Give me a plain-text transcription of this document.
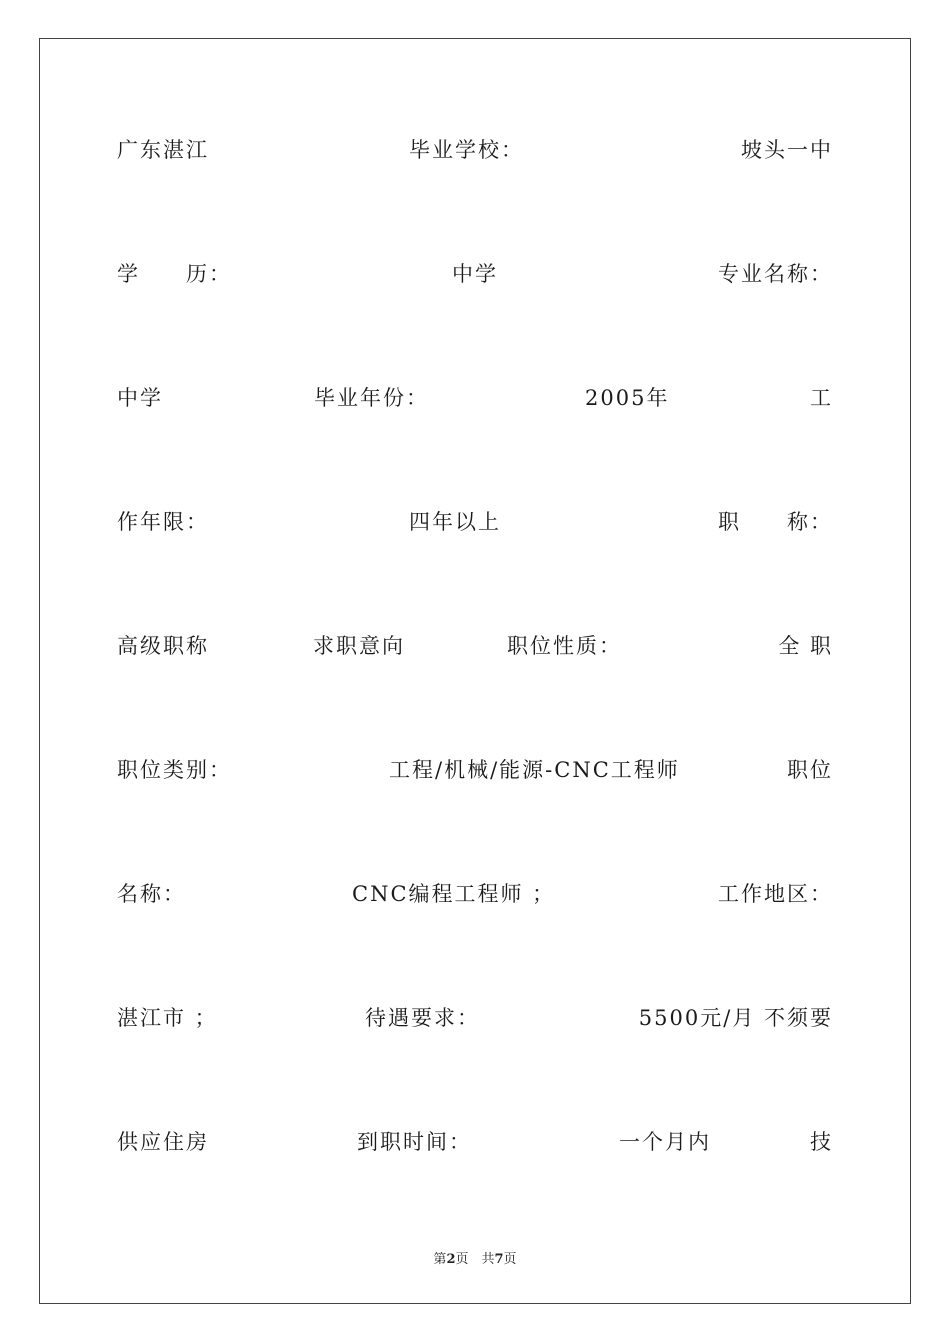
广东湛江	毕业学校：	坡头一中
学　　历：	中学	专业名称：
中学	毕业年份：	2005年	工
作年限：	四年以上	职　　称：
高级职称	求职意向	职位性质：	全 职
职位类别：	工程/机械/能源-CNC工程师	职位
名称：	CNC编程工程师 ；	工作地区：
湛江市 ；	待遇要求：	5500元/月 不须要
供应住房	到职时间：	一个月内	技
第2页　共7页
